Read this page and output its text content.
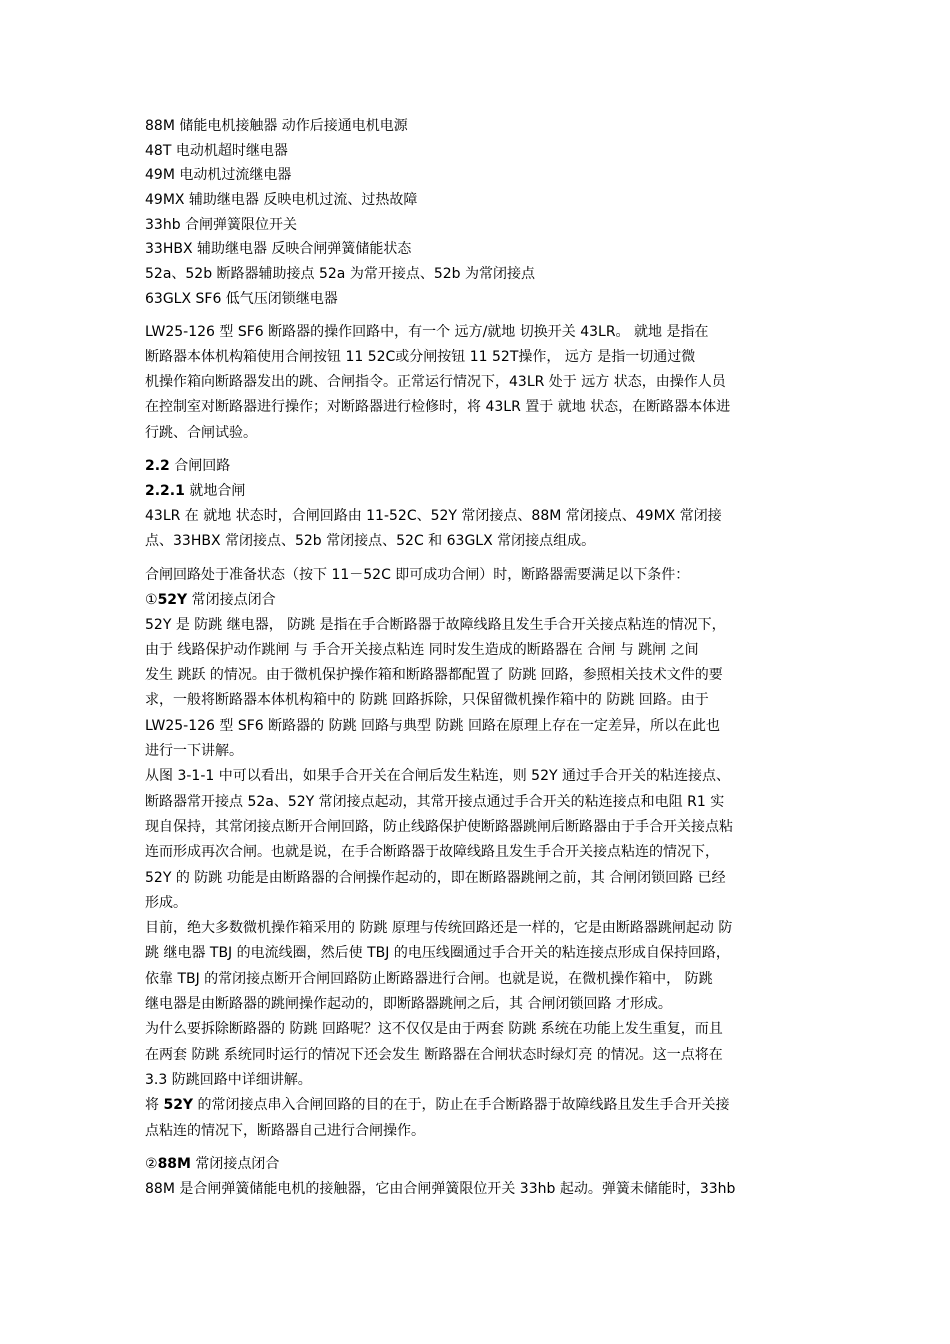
88M 储能电机接触器 动作后接通电机电源
48T 电动机超时继电器
49M 电动机过流继电器
49MX 辅助继电器 反映电机过流、过热故障
33hb 合闸弹簧限位开关
33HBX 辅助继电器 反映合闸弹簧储能状态
52a、52b 断路器辅助接点 52a 为常开接点、52b 为常闭接点
63GLX SF6 低气压闭锁继电器
LW25-126 型 SF6 断路器的操作回路中，有一个 远方/就地 切换开关 43LR。 就地 是指在
断路器本体机构箱使用合闸按钮 11 52C或分闸按钮 11 52T操作， 远方 是指一切通过微
机操作箱向断路器发出的跳、合闸指令。正常运行情况下，43LR 处于 远方 状态，由操作人员
在控制室对断路器进行操作；对断路器进行检修时，将 43LR 置于 就地 状态，在断路器本体进
行跳、合闸试验。
2.2 合闸回路
2.2.1 就地合闸
43LR 在 就地 状态时，合闸回路由 11-52C、52Y 常闭接点、88M 常闭接点、49MX 常闭接
点、33HBX 常闭接点、52b 常闭接点、52C 和 63GLX 常闭接点组成。
合闸回路处于准备状态（按下 11－52C 即可成功合闸）时，断路器需要满足以下条件：
①52Y 常闭接点闭合
52Y 是 防跳 继电器， 防跳 是指在手合断路器于故障线路且发生手合开关接点粘连的情况下，
由于 线路保护动作跳闸 与 手合开关接点粘连 同时发生造成的断路器在 合闸 与 跳闸 之间
发生 跳跃 的情况。由于微机保护操作箱和断路器都配置了 防跳 回路，参照相关技术文件的要
求，一般将断路器本体机构箱中的 防跳 回路拆除，只保留微机操作箱中的 防跳 回路。由于
LW25-126 型 SF6 断路器的 防跳 回路与典型 防跳 回路在原理上存在一定差异，所以在此也
进行一下讲解。
从图 3-1-1 中可以看出，如果手合开关在合闸后发生粘连，则 52Y 通过手合开关的粘连接点、
断路器常开接点 52a、52Y 常闭接点起动，其常开接点通过手合开关的粘连接点和电阻 R1 实
现自保持，其常闭接点断开合闸回路，防止线路保护使断路器跳闸后断路器由于手合开关接点粘
连而形成再次合闸。也就是说，在手合断路器于故障线路且发生手合开关接点粘连的情况下，
52Y 的 防跳 功能是由断路器的合闸操作起动的，即在断路器跳闸之前，其 合闸闭锁回路 已经
形成。
目前，绝大多数微机操作箱采用的 防跳 原理与传统回路还是一样的，它是由断路器跳闸起动 防
跳 继电器 TBJ 的电流线圈，然后使 TBJ 的电压线圈通过手合开关的粘连接点形成自保持回路，
依靠 TBJ 的常闭接点断开合闸回路防止断路器进行合闸。也就是说，在微机操作箱中， 防跳
继电器是由断路器的跳闸操作起动的，即断路器跳闸之后，其 合闸闭锁回路 才形成。
为什么要拆除断路器的 防跳 回路呢？这不仅仅是由于两套 防跳 系统在功能上发生重复，而且
在两套 防跳 系统同时运行的情况下还会发生 断路器在合闸状态时绿灯亮 的情况。这一点将在
3.3 防跳回路中详细讲解。
将 52Y 的常闭接点串入合闸回路的目的在于，防止在手合断路器于故障线路且发生手合开关接
点粘连的情况下，断路器自己进行合闸操作。
②88M 常闭接点闭合
88M 是合闸弹簧储能电机的接触器，它由合闸弹簧限位开关 33hb 起动。弹簧未储能时，33hb
